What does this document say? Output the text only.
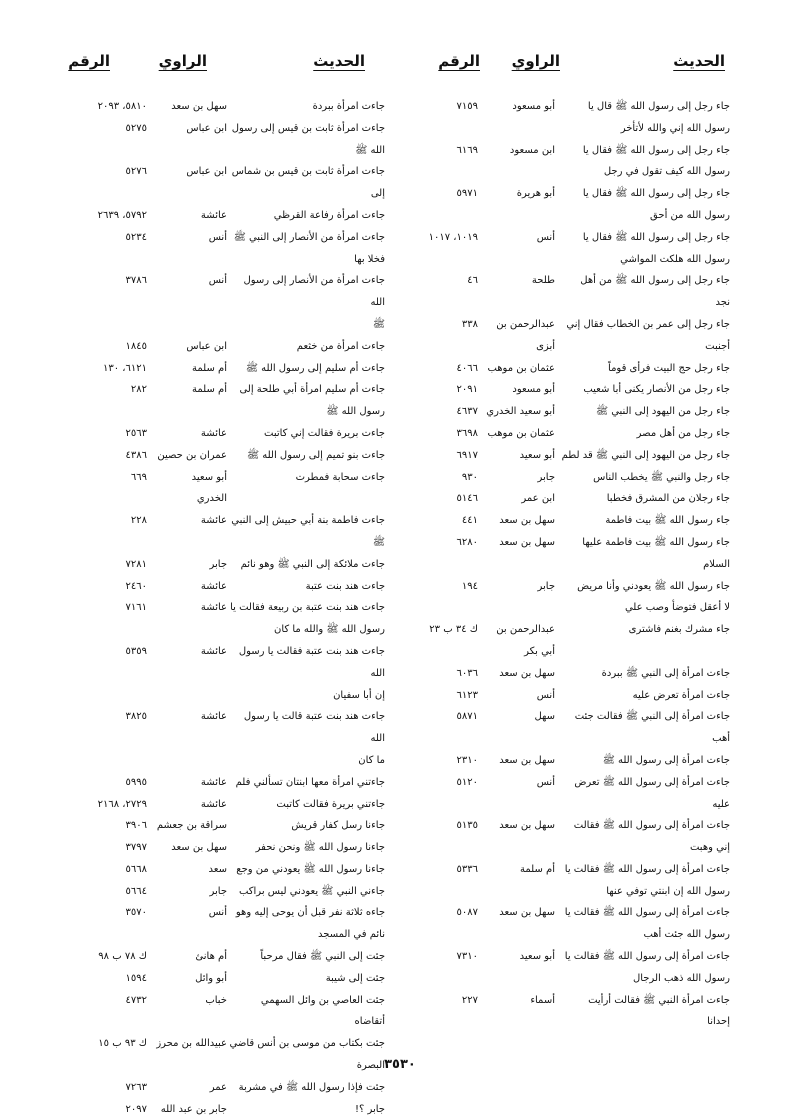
الحديث
الراوي
الرقم
جاء رجل إلى رسول الله ﷺ قال يا
رسول الله إني والله لأتأخر
أبو مسعود
٧١٥٩
جاء رجل إلى رسول الله ﷺ فقال يا
رسول الله كيف تقول في رجل
ابن مسعود
٦١٦٩
جاء رجل إلى رسول الله ﷺ فقال يا
رسول الله من أحق
أبو هريرة
٥٩٧١
جاء رجل إلى رسول الله ﷺ فقال يا
رسول الله هلكت المواشي
أنس
١٠١٩، ١٠١٧
جاء رجل إلى رسول الله ﷺ من أهل
نجد
طلحة
٤٦
جاء رجل إلى عمر بن الخطاب فقال إني
أجنبت
عبدالرحمن بن
أبزى
٣٣٨
جاء رجل حج البيت فرأى قوماً
عثمان بن موهب
٤٠٦٦
جاء رجل من الأنصار يكنى أبا شعيب
أبو مسعود
٢٠٩١
جاء رجل من اليهود إلى النبي ﷺ
أبو سعيد الخدري
٤٦٣٧
جاء رجل من أهل مصر
عثمان بن موهب
٣٦٩٨
جاء رجل من اليهود إلى النبي ﷺ قد لطم
أبو سعيد
٦٩١٧
جاء رجل والنبي ﷺ يخطب الناس
جابر
٩٣٠
جاء رجلان من المشرق فخطبا
ابن عمر
٥١٤٦
جاء رسول الله ﷺ بيت فاطمة
سهل بن سعد
٤٤١
جاء رسول الله ﷺ بيت فاطمة عليها
السلام
سهل بن سعد
٦٢٨٠
جاء رسول الله ﷺ يعودني وأنا مريض
لا أعقل فتوضأ وصب علي
جابر
١٩٤
جاء مشرك بغنم فاشترى
عبدالرحمن بن
أبي بكر
ك ٣٤ ب ٢٣
جاءت امرأة إلى النبي ﷺ ببردة
سهل بن سعد
٦٠٣٦
جاءت امرأة تعرض عليه
أنس
٦١٢٣
جاءت امرأة إلى النبي ﷺ فقالت جئت
أهب
سهل
٥٨٧١
جاءت امرأة إلى رسول الله ﷺ
سهل بن سعد
٢٣١٠
جاءت امرأة إلى رسول الله ﷺ تعرض
عليه
أنس
٥١٢٠
جاءت امرأة إلى رسول الله ﷺ فقالت
إني وهبت
سهل بن سعد
٥١٣٥
جاءت امرأة إلى رسول الله ﷺ فقالت يا
رسول الله إن ابنتي توفي عنها
أم سلمة
٥٣٣٦
جاءت امرأة إلى رسول الله ﷺ فقالت يا
رسول الله جئت أهب
سهل بن سعد
٥٠٨٧
جاءت امرأة إلى رسول الله ﷺ فقالت يا
رسول الله ذهب الرجال
أبو سعيد
٧٣١٠
جاءت امرأة النبي ﷺ فقالت أرأيت
إحدانا
أسماء
٢٢٧
الحديث
الراوي
الرقم
جاءت امرأة ببردة
سهل بن سعد
٥٨١٠، ٢٠٩٣
جاءت امرأة ثابت بن قيس إلى رسول
الله ﷺ
ابن عباس
٥٢٧٥
جاءت امرأة ثابت بن قيس بن شماس إلى
ابن عباس
٥٢٧٦
جاءت امرأة رفاعة القرظي
عائشة
٥٧٩٢، ٢٦٣٩
جاءت امرأة من الأنصار إلى النبي ﷺ
فخلا بها
أنس
٥٢٣٤
جاءت امرأة من الأنصار إلى رسول الله
ﷺ
أنس
٣٧٨٦
جاءت امرأة من خثعم
ابن عباس
١٨٤٥
جاءت أم سليم إلى رسول الله ﷺ
أم سلمة
٦١٢١، ١٣٠
جاءت أم سليم امرأة أبي طلحة إلى
رسول الله ﷺ
أم سلمة
٢٨٢
جاءت بريرة فقالت إني كاتبت
عائشة
٢٥٦٣
جاءت بنو تميم إلى رسول الله ﷺ
عمران بن حصين
٤٣٨٦
جاءت سحابة فمطرت
أبو سعيد
الخدري
٦٦٩
جاءت فاطمة بنة أبي حبيش إلى النبي
ﷺ
عائشة
٢٢٨
جاءت ملائكة إلى النبي ﷺ وهو نائم
جابر
٧٢٨١
جاءت هند بنت عتبة
عائشة
٢٤٦٠
جاءت هند بنت عتبة بن ربيعة فقالت يا
رسول الله ﷺ والله ما كان
عائشة
٧١٦١
جاءت هند بنت عتبة فقالت يا رسول الله
إن أبا سفيان
عائشة
٥٣٥٩
جاءت هند بنت عتبة قالت يا رسول الله
ما كان
عائشة
٣٨٢٥
جاءتني امرأة معها ابنتان تسألني فلم
عائشة
٥٩٩٥
جاءتني بريرة فقالت كاتبت
عائشة
٢٧٢٩، ٢١٦٨
جاءنا رسل كفار قريش
سراقة بن جعشم
٣٩٠٦
جاءنا رسول الله ﷺ ونحن نحفر
سهل بن سعد
٣٧٩٧
جاءنا رسول الله ﷺ يعودني من وجع
سعد
٥٦٦٨
جاءني النبي ﷺ يعودني ليس براكب
جابر
٥٦٦٤
جاءه ثلاثة نفر قبل أن يوحى إليه وهو
نائم في المسجد
أنس
٣٥٧٠
جئت إلى النبي ﷺ فقال مرحباً
أم هانئ
ك ٧٨ ب ٩٨
جئت إلى شيبة
أبو وائل
١٥٩٤
جئت العاصي بن وائل السهمي
أتقاضاه
خباب
٤٧٣٢
جئت بكتاب من موسى بن أنس قاضي
البصرة
عبيدالله بن محرز
ك ٩٣ ب ١٥
جئت فإذا رسول الله ﷺ في مشربة
عمر
٧٢٦٣
جابر ؟!
جابر بن عبد الله
٢٠٩٧
٣٥٣٠
